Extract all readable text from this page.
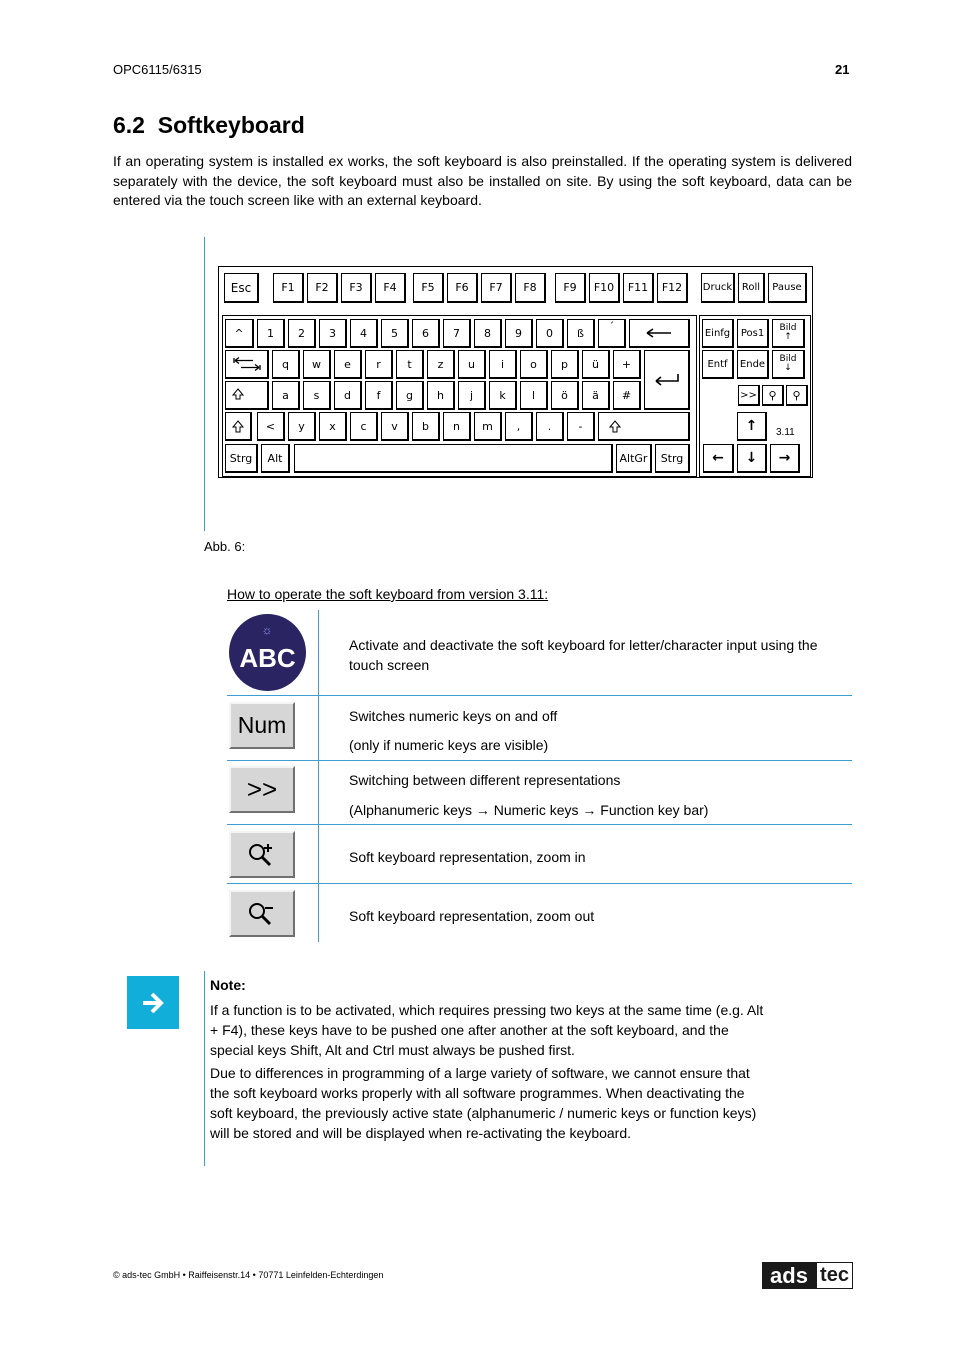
OPC6115/6315	21
6.2 Softkeyboard

If an operating system is installed ex works, the soft keyboard is also preinstalled. If the operating system is delivered separately with the device, the soft keyboard must also be installed on site. By using the soft keyboard, data can be entered via the touch screen like with an external keyboard.

Esc	F1	F2	F3	F4	F5	F6	F7	F8	F9	F10	F11	F12	Druck Roll	Pause
^	1	2	3	4	5	6	7	8	9	0	ß	´
q	w	e	r	t	z	u	i	o	p	ü	+
a	s	d	f	g	h	j	k	l	ö	ä	#
<	y	x	c	v	b	n	m	,	.	-
Strg	Alt	AltGr	Strg
Einfg	Pos1	Bild
↑
Entf	Ende	Bild
↓
>> ⚲ ⚲
↑ 3.11
← ↓ →
Abb. 6:
How to operate the soft keyboard from version 3.11:
☼
ABC	Activate and deactivate the soft keyboard for letter/character input using the touch screen
Num	Switches numeric keys on and off
(only if numeric keys are visible)
>>	Switching between different representations
(Alphanumeric keys → Numeric keys → Function key bar)
Soft keyboard representation, zoom in
Soft keyboard representation, zoom out
Note:
If a function is to be activated, which requires pressing two keys at the same time (e.g. Alt + F4), these keys have to be pushed one after another at the soft keyboard, and the special keys Shift, Alt and Ctrl must always be pushed first.
Due to differences in programming of a large variety of software, we cannot ensure that the soft keyboard works properly with all software programmes. When deactivating the soft keyboard, the previously active state (alphanumeric / numeric keys or function keys) will be stored and will be displayed when re-activating the keyboard.
© ads-tec GmbH • Raiffeisenstr.14 • 70771 Leinfelden-Echterdingen	ads tec
